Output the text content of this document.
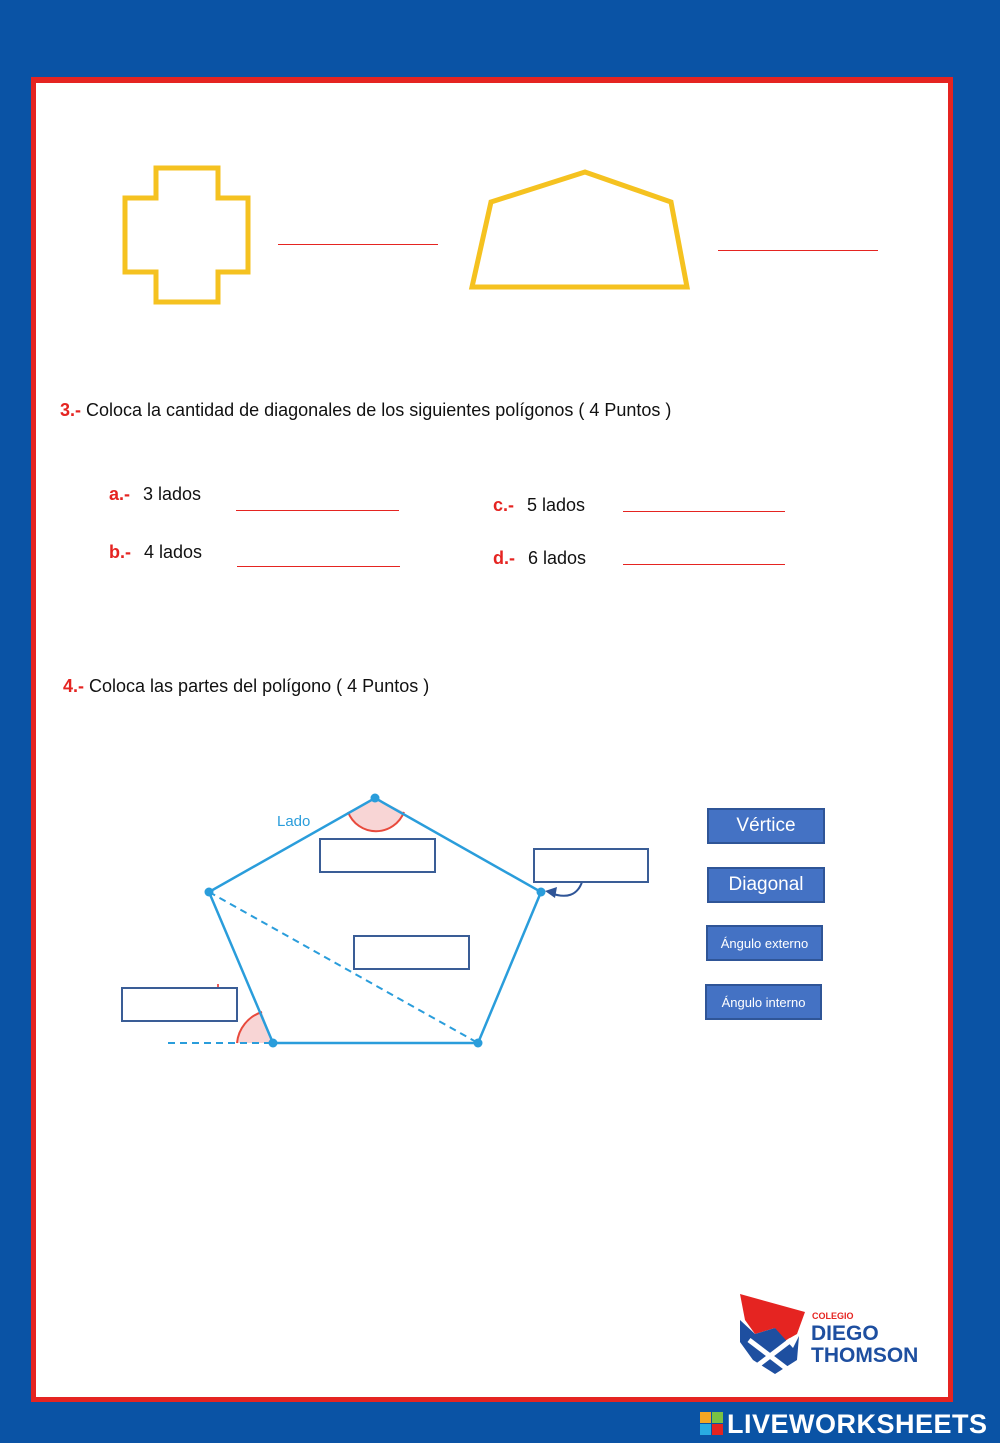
3.- Coloca la cantidad de diagonales de los siguientes polígonos ( 4 Puntos )
a.- 3 lados
b.- 4 lados
c.- 5 lados
d.- 6 lados
4.- Coloca las partes del polígono ( 4 Puntos )
Lado	Vértice
Diagonal
Ángulo externo
Ángulo interno
COLEGIO
DIEGO
THOMSON
LIVEWORKSHEETS
